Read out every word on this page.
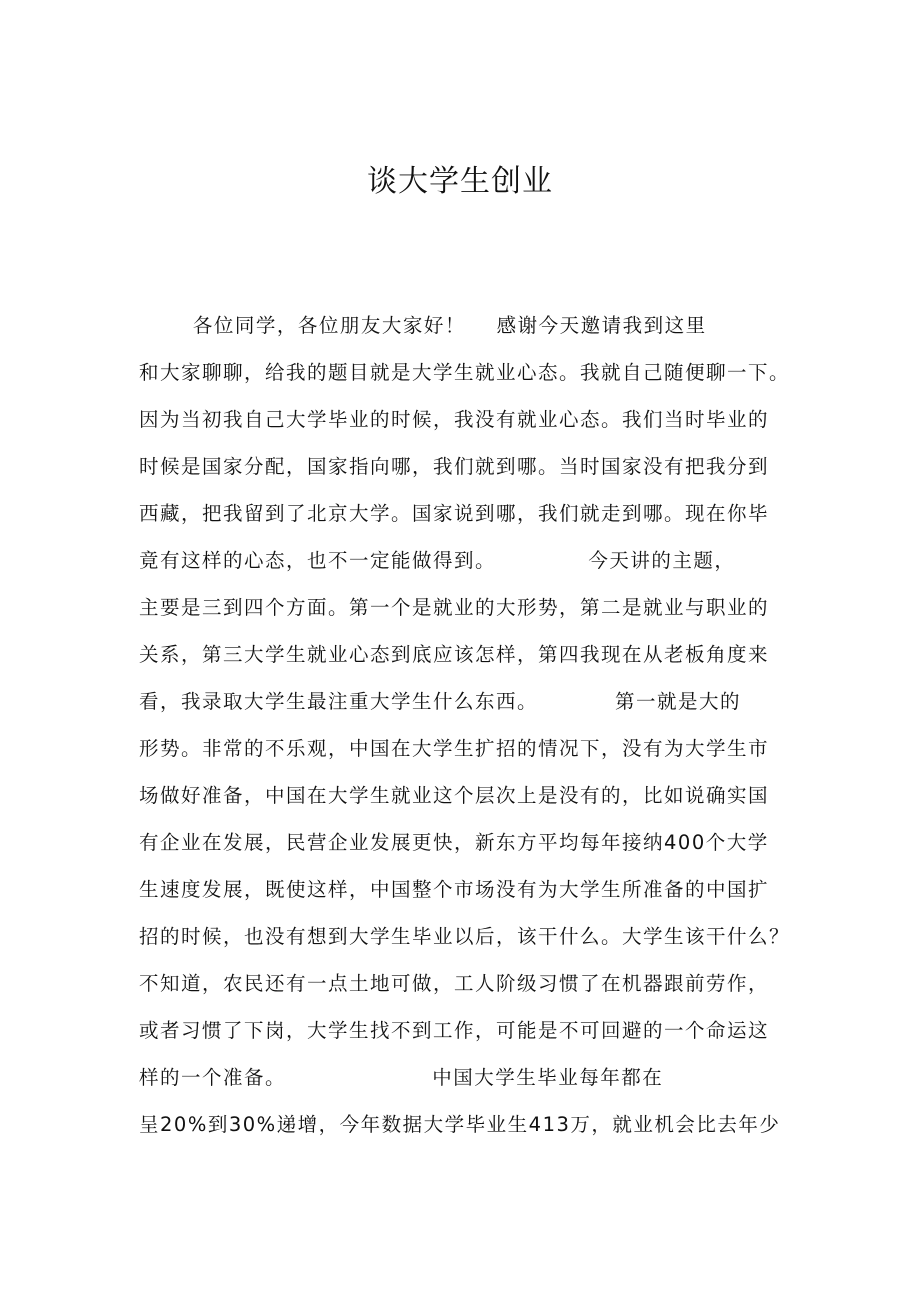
谈大学生创业
各位同学，各位朋友大家好！    感谢今天邀请我到这里
和大家聊聊，给我的题目就是大学生就业心态。我就自己随便聊一下。
因为当初我自己大学毕业的时候，我没有就业心态。我们当时毕业的
时候是国家分配，国家指向哪，我们就到哪。当时国家没有把我分到
西藏，把我留到了北京大学。国家说到哪，我们就走到哪。现在你毕
竟有这样的心态，也不一定能做得到。            今天讲的主题，
主要是三到四个方面。第一个是就业的大形势，第二是就业与职业的
关系，第三大学生就业心态到底应该怎样，第四我现在从老板角度来
看，我录取大学生最注重大学生什么东西。          第一就是大的
形势。非常的不乐观，中国在大学生扩招的情况下，没有为大学生市
场做好准备，中国在大学生就业这个层次上是没有的，比如说确实国
有企业在发展，民营企业发展更快，新东方平均每年接纳400个大学
生速度发展，既使这样，中国整个市场没有为大学生所准备的中国扩
招的时候，也没有想到大学生毕业以后，该干什么。大学生该干什么？
不知道，农民还有一点土地可做，工人阶级习惯了在机器跟前劳作，
或者习惯了下岗，大学生找不到工作，可能是不可回避的一个命运这
样的一个准备。                   中国大学生毕业每年都在
呈20%到30%递增，今年数据大学毕业生413万，就业机会比去年少
